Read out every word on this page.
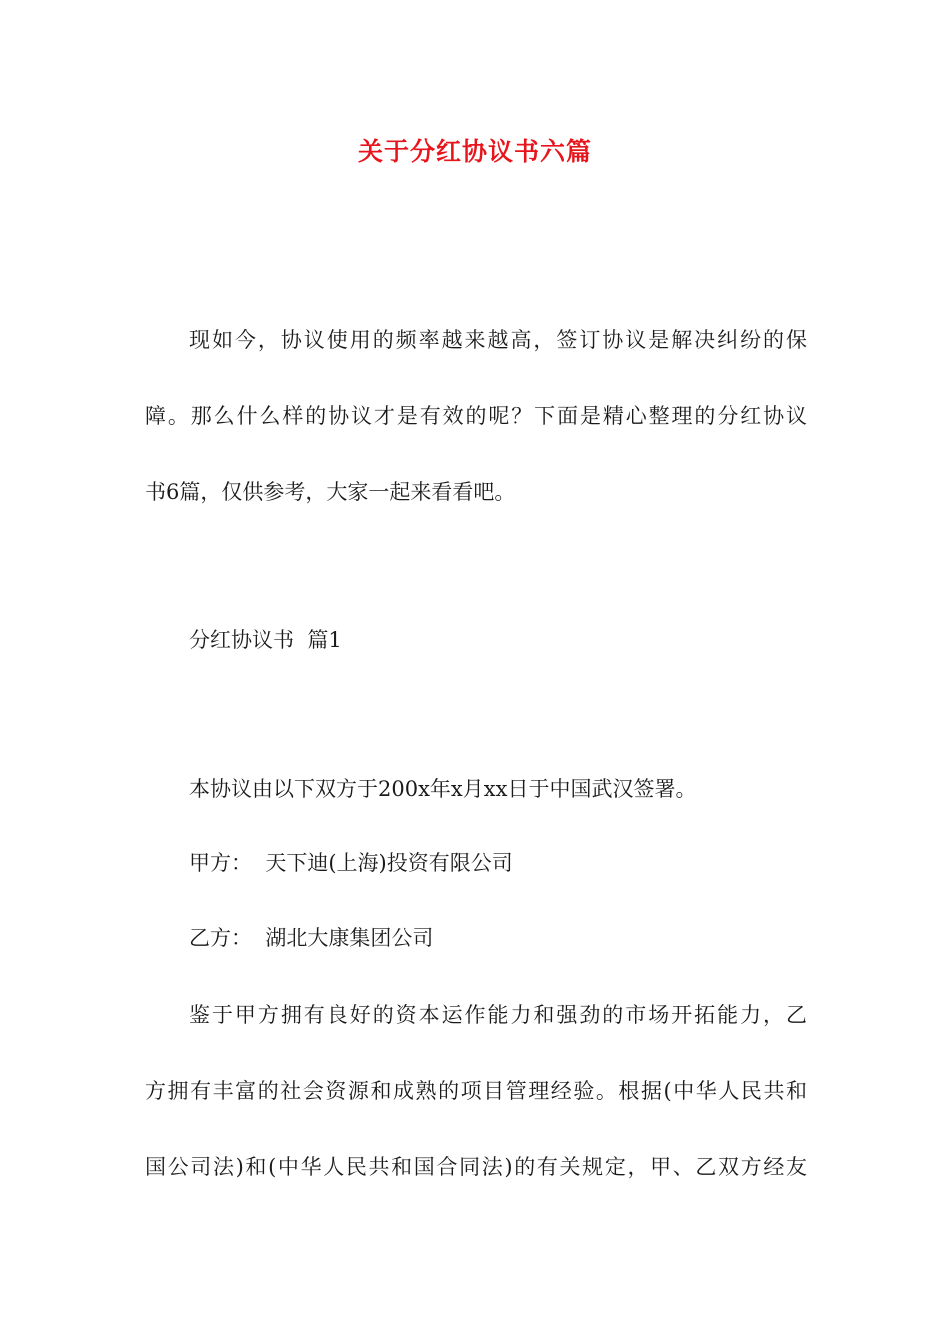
关于分红协议书六篇
现如今，协议使用的频率越来越高，签订协议是解决纠纷的保
障。那么什么样的协议才是有效的呢？下面是精心整理的分红协议
书6篇，仅供参考，大家一起来看看吧。
分红协议书  篇1
本协议由以下双方于200x年x月xx日于中国武汉签署。
甲方：  天下迪(上海)投资有限公司
乙方：  湖北大康集团公司
鉴于甲方拥有良好的资本运作能力和强劲的市场开拓能力，乙
方拥有丰富的社会资源和成熟的项目管理经验。根据(中华人民共和
国公司法)和(中华人民共和国合同法)的有关规定，甲、乙双方经友
